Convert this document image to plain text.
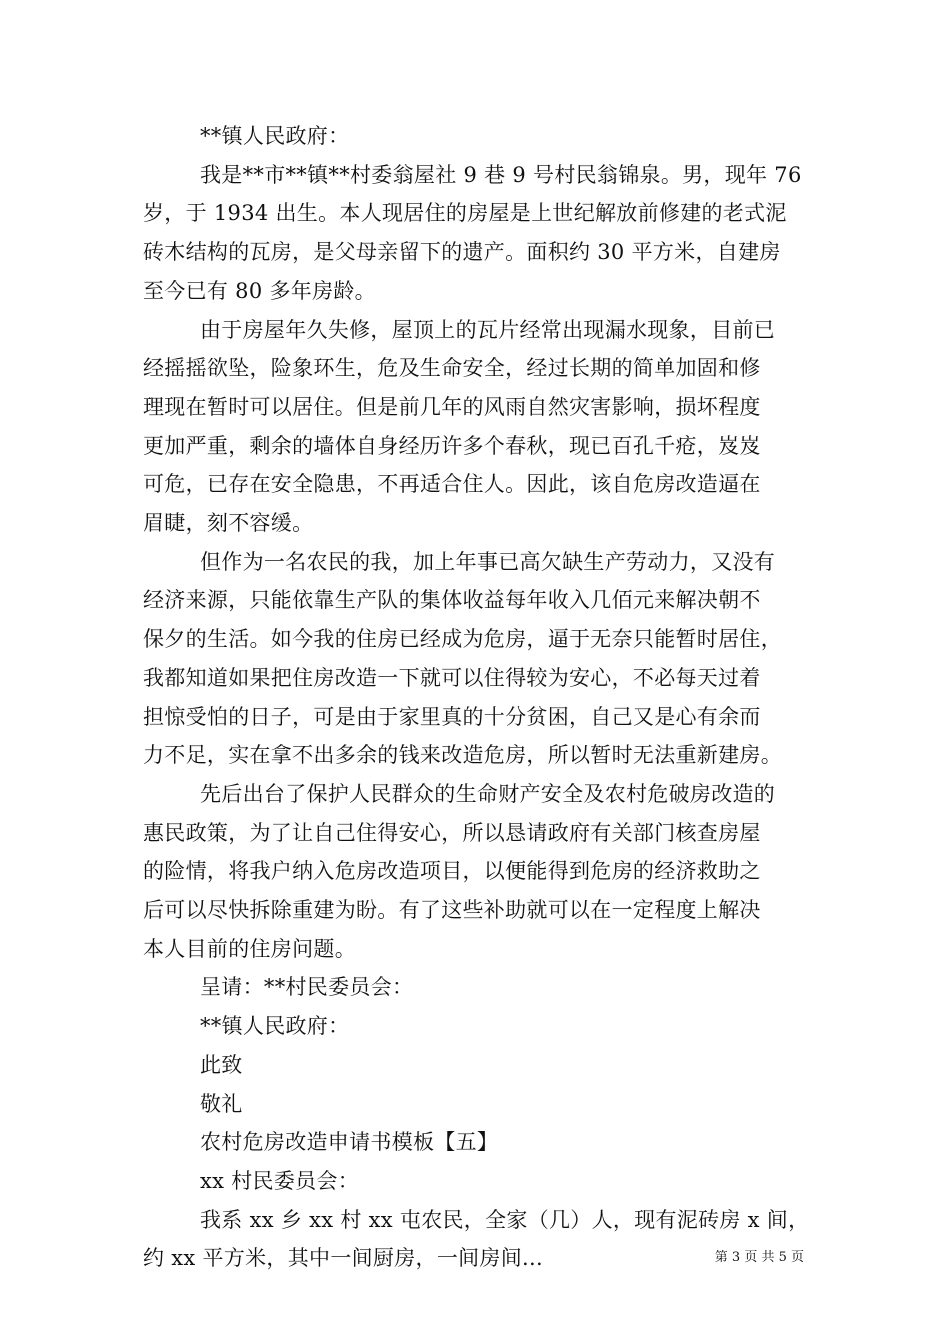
**镇人民政府：
我是**市**镇**村委翁屋社 9 巷 9 号村民翁锦泉。男，现年 76
岁，于 1934 出生。本人现居住的房屋是上世纪解放前修建的老式泥
砖木结构的瓦房，是父母亲留下的遗产。面积约 30 平方米，自建房
至今已有 80 多年房龄。
由于房屋年久失修，屋顶上的瓦片经常出现漏水现象，目前已
经摇摇欲坠，险象环生，危及生命安全，经过长期的简单加固和修
理现在暂时可以居住。但是前几年的风雨自然灾害影响，损坏程度
更加严重，剩余的墙体自身经历许多个春秋，现已百孔千疮，岌岌
可危，已存在安全隐患，不再适合住人。因此，该自危房改造逼在
眉睫，刻不容缓。
但作为一名农民的我，加上年事已高欠缺生产劳动力，又没有
经济来源，只能依靠生产队的集体收益每年收入几佰元来解决朝不
保夕的生活。如今我的住房已经成为危房，逼于无奈只能暂时居住，
我都知道如果把住房改造一下就可以住得较为安心，不必每天过着
担惊受怕的日子，可是由于家里真的十分贫困，自己又是心有余而
力不足，实在拿不出多余的钱来改造危房，所以暂时无法重新建房。
先后出台了保护人民群众的生命财产安全及农村危破房改造的
惠民政策，为了让自己住得安心，所以恳请政府有关部门核查房屋
的险情，将我户纳入危房改造项目，以便能得到危房的经济救助之
后可以尽快拆除重建为盼。有了这些补助就可以在一定程度上解决
本人目前的住房问题。
呈请：**村民委员会：
**镇人民政府：
此致
敬礼
农村危房改造申请书模板【五】
xx 村民委员会：
我系 xx 乡 xx 村 xx 屯农民，全家（几）人，现有泥砖房 x 间，
约 xx 平方米，其中一间厨房，一间房间...	第 3 页 共 5 页
